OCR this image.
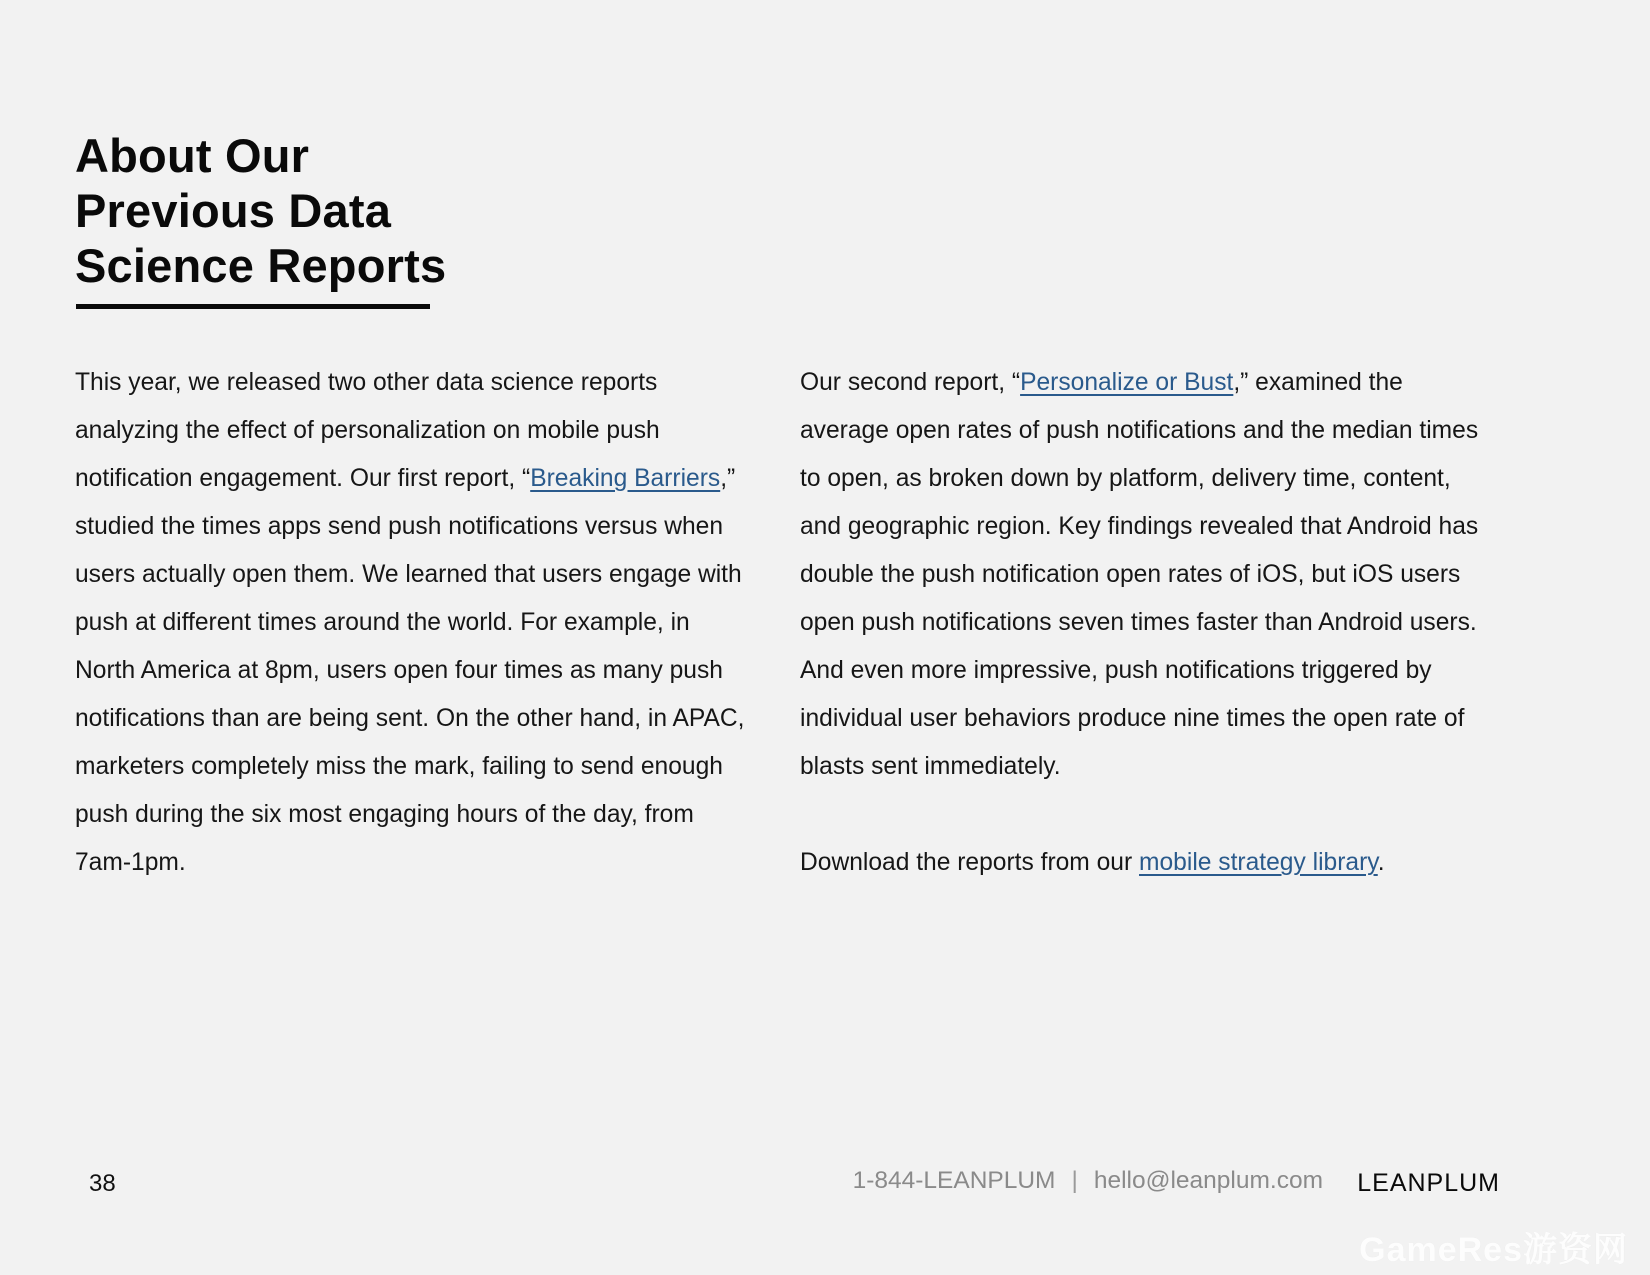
About Our
Previous Data
Science Reports
This year, we released two other data science reports
analyzing the effect of personalization on mobile push
notification engagement. Our first report, “Breaking Barriers,”
studied the times apps send push notifications versus when
users actually open them. We learned that users engage with
push at different times around the world. For example, in
North America at 8pm, users open four times as many push
notifications than are being sent. On the other hand, in APAC,
marketers completely miss the mark, failing to send enough
push during the six most engaging hours of the day, from
7am-1pm.
Our second report, “Personalize or Bust,” examined the
average open rates of push notifications and the median times
to open, as broken down by platform, delivery time, content,
and geographic region. Key findings revealed that Android has
double the push notification open rates of iOS, but iOS users
open push notifications seven times faster than Android users.
And even more impressive, push notifications triggered by
individual user behaviors produce nine times the open rate of
blasts sent immediately.
Download the reports from our mobile strategy library.
38	1-844-LEANPLUM | hello@leanplum.com LEANPLUM
GameRes游资网
